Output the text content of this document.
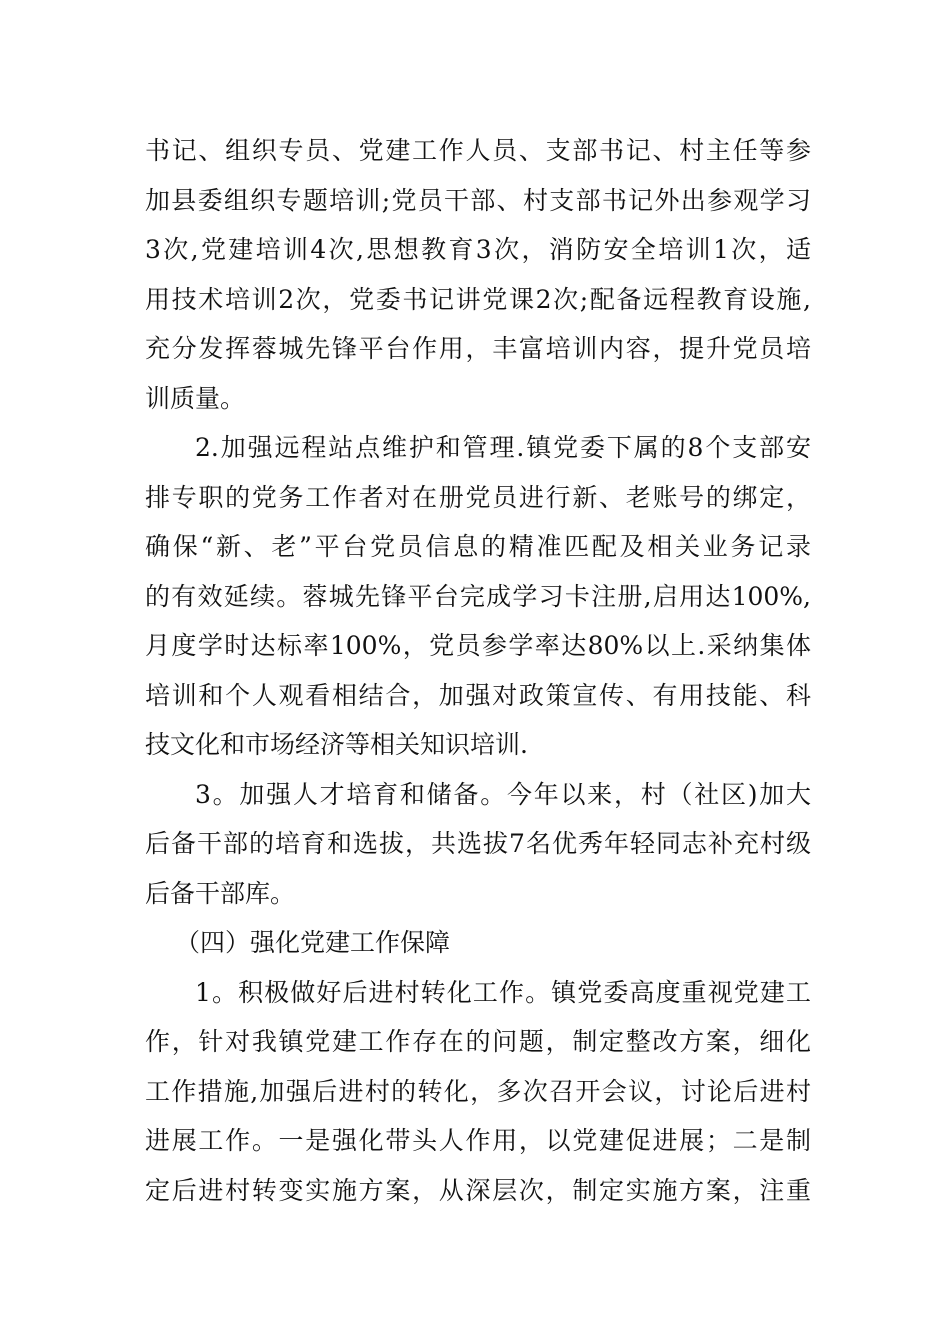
书记、组织专员、党建工作人员、支部书记、村主任等参
加县委组织专题培训;党员干部、村支部书记外出参观学习
3次,党建培训4次,思想教育3次，消防安全培训1次，适
用技术培训2次，党委书记讲党课2次;配备远程教育设施,
充分发挥蓉城先锋平台作用，丰富培训内容，提升党员培
训质量。
2.加强远程站点维护和管理.镇党委下属的8个支部安
排专职的党务工作者对在册党员进行新、老账号的绑定，
确保“新、老”平台党员信息的精准匹配及相关业务记录
的有效延续。蓉城先锋平台完成学习卡注册,启用达100%,
月度学时达标率100%，党员参学率达80%以上.采纳集体
培训和个人观看相结合，加强对政策宣传、有用技能、科
技文化和市场经济等相关知识培训.
3。加强人才培育和储备。今年以来，村（社区)加大
后备干部的培育和选拔，共选拔7名优秀年轻同志补充村级
后备干部库。
（四）强化党建工作保障
1。积极做好后进村转化工作。镇党委高度重视党建工
作，针对我镇党建工作存在的问题，制定整改方案，细化
工作措施,加强后进村的转化，多次召开会议，讨论后进村
进展工作。一是强化带头人作用，以党建促进展；二是制
定后进村转变实施方案，从深层次，制定实施方案，注重
